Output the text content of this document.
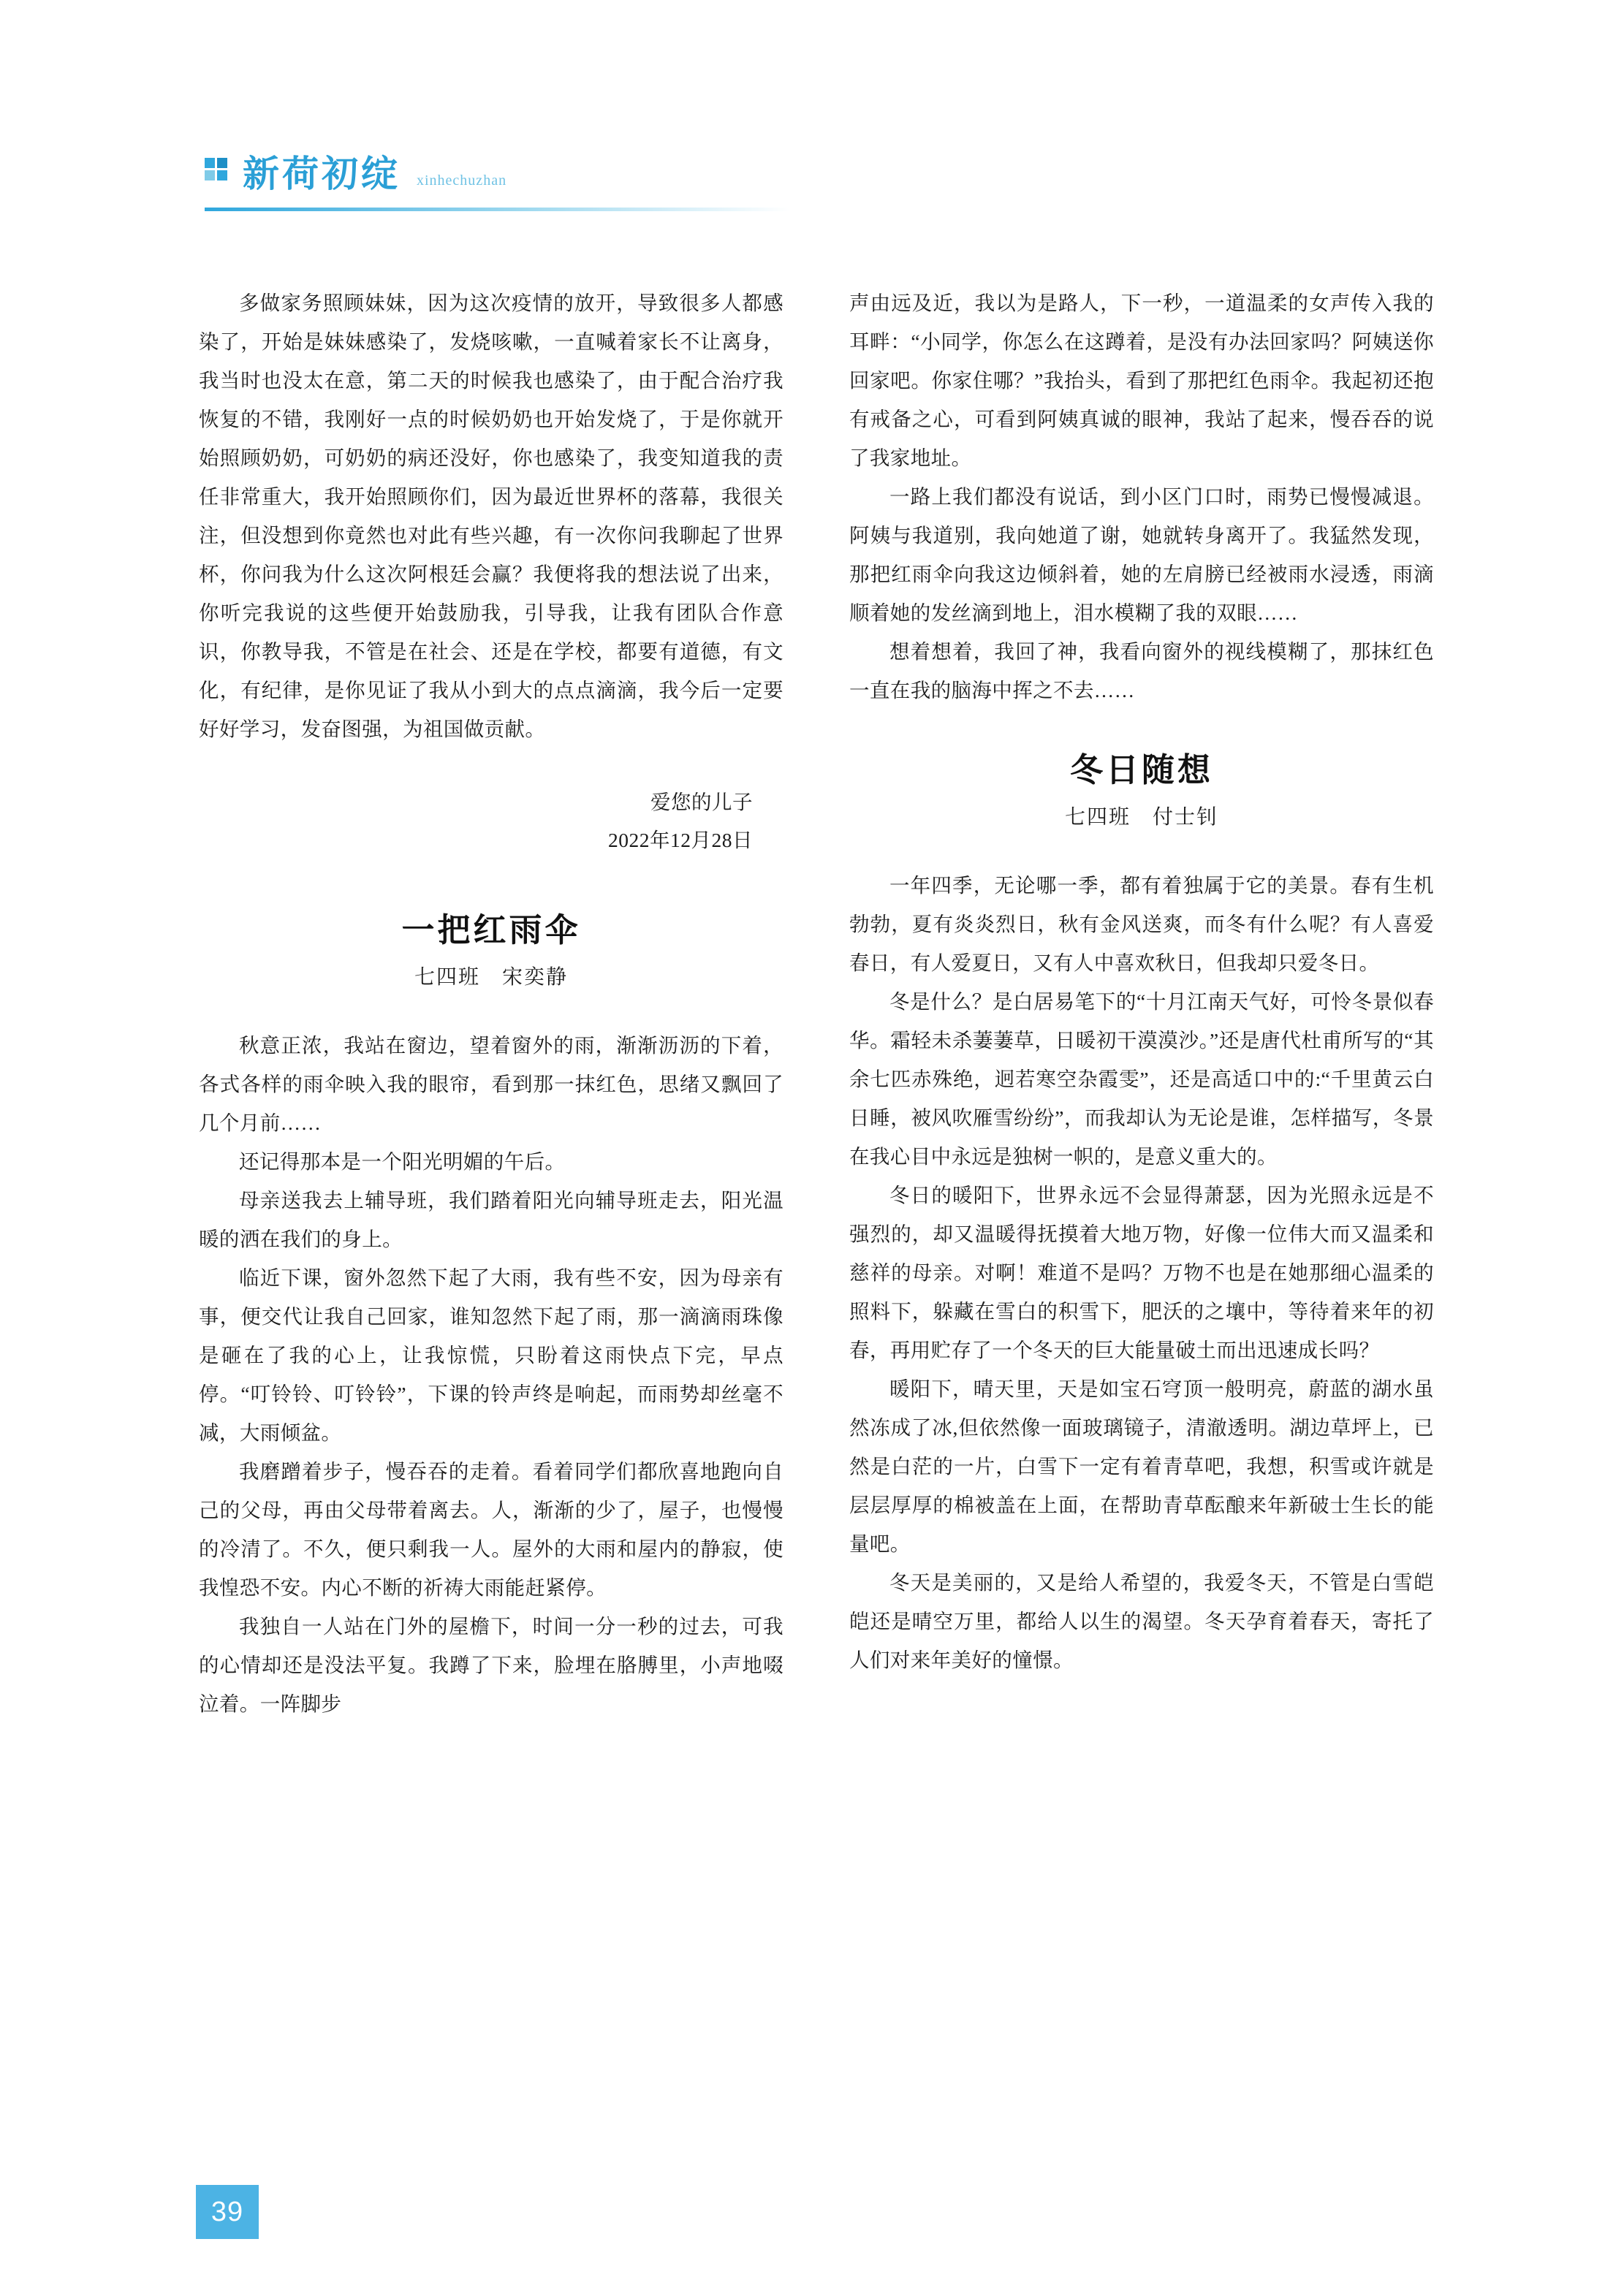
新荷初绽 xinhechuzhan

多做家务照顾妹妹，因为这次疫情的放开，导致很多人都感染了，开始是妹妹感染了，发烧咳嗽，一直喊着家长不让离身，我当时也没太在意，第二天的时候我也感染了，由于配合治疗我恢复的不错，我刚好一点的时候奶奶也开始发烧了，于是你就开始照顾奶奶，可奶奶的病还没好，你也感染了，我变知道我的责任非常重大，我开始照顾你们，因为最近世界杯的落幕，我很关注，但没想到你竟然也对此有些兴趣，有一次你问我聊起了世界杯，你问我为什么这次阿根廷会赢？我便将我的想法说了出来，你听完我说的这些便开始鼓励我，引导我，让我有团队合作意识，你教导我，不管是在社会、还是在学校，都要有道德，有文化，有纪律，是你见证了我从小到大的点点滴滴，我今后一定要好好学习，发奋图强，为祖国做贡献。

爱您的儿子
2022年12月28日
一把红雨伞
七四班　宋奕静

秋意正浓，我站在窗边，望着窗外的雨，渐渐沥沥的下着，各式各样的雨伞映入我的眼帘，看到那一抹红色，思绪又飘回了几个月前……

还记得那本是一个阳光明媚的午后。

母亲送我去上辅导班，我们踏着阳光向辅导班走去，阳光温暖的洒在我们的身上。

临近下课，窗外忽然下起了大雨，我有些不安，因为母亲有事，便交代让我自己回家，谁知忽然下起了雨，那一滴滴雨珠像是砸在了我的心上，让我惊慌，只盼着这雨快点下完，早点停。“叮铃铃、叮铃铃”，下课的铃声终是响起，而雨势却丝毫不减，大雨倾盆。

我磨蹭着步子，慢吞吞的走着。看着同学们都欣喜地跑向自己的父母，再由父母带着离去。人，渐渐的少了，屋子，也慢慢的冷清了。不久，便只剩我一人。屋外的大雨和屋内的静寂，使我惶恐不安。内心不断的祈祷大雨能赶紧停。

我独自一人站在门外的屋檐下，时间一分一秒的过去，可我的心情却还是没法平复。我蹲了下来，脸埋在胳膊里，小声地啜泣着。一阵脚步

声由远及近，我以为是路人，下一秒，一道温柔的女声传入我的耳畔：“小同学，你怎么在这蹲着，是没有办法回家吗？阿姨送你回家吧。你家住哪？”我抬头，看到了那把红色雨伞。我起初还抱有戒备之心，可看到阿姨真诚的眼神，我站了起来，慢吞吞的说了我家地址。

一路上我们都没有说话，到小区门口时，雨势已慢慢减退。阿姨与我道别，我向她道了谢，她就转身离开了。我猛然发现，那把红雨伞向我这边倾斜着，她的左肩膀已经被雨水浸透，雨滴顺着她的发丝滴到地上，泪水模糊了我的双眼……

想着想着，我回了神，我看向窗外的视线模糊了，那抹红色一直在我的脑海中挥之不去……

冬日随想
七四班　付士钊

一年四季，无论哪一季，都有着独属于它的美景。春有生机勃勃，夏有炎炎烈日，秋有金风送爽，而冬有什么呢？有人喜爱春日，有人爱夏日，又有人中喜欢秋日，但我却只爱冬日。

冬是什么？是白居易笔下的“十月江南天气好，可怜冬景似春华。霜轻未杀萋萋草，日暖初干漠漠沙。”还是唐代杜甫所写的“其余七匹赤殊绝，迥若寒空杂霞雯”，还是高适口中的:“千里黄云白日睡，被风吹雁雪纷纷”，而我却认为无论是谁，怎样描写，冬景在我心目中永远是独树一帜的，是意义重大的。

冬日的暖阳下，世界永远不会显得萧瑟，因为光照永远是不强烈的，却又温暖得抚摸着大地万物，好像一位伟大而又温柔和慈祥的母亲。对啊！难道不是吗？万物不也是在她那细心温柔的照料下，躲藏在雪白的积雪下，肥沃的之壤中，等待着来年的初春，再用贮存了一个冬天的巨大能量破土而出迅速成长吗？

暖阳下，晴天里，天是如宝石穹顶一般明亮，蔚蓝的湖水虽然冻成了冰,但依然像一面玻璃镜子，清澈透明。湖边草坪上，已然是白茫的一片，白雪下一定有着青草吧，我想，积雪或许就是层层厚厚的棉被盖在上面，在帮助青草酝酿来年新破士生长的能量吧。

冬天是美丽的，又是给人希望的，我爱冬天，不管是白雪皑皑还是晴空万里，都给人以生的渴望。冬天孕育着春天，寄托了人们对来年美好的憧憬。

39
